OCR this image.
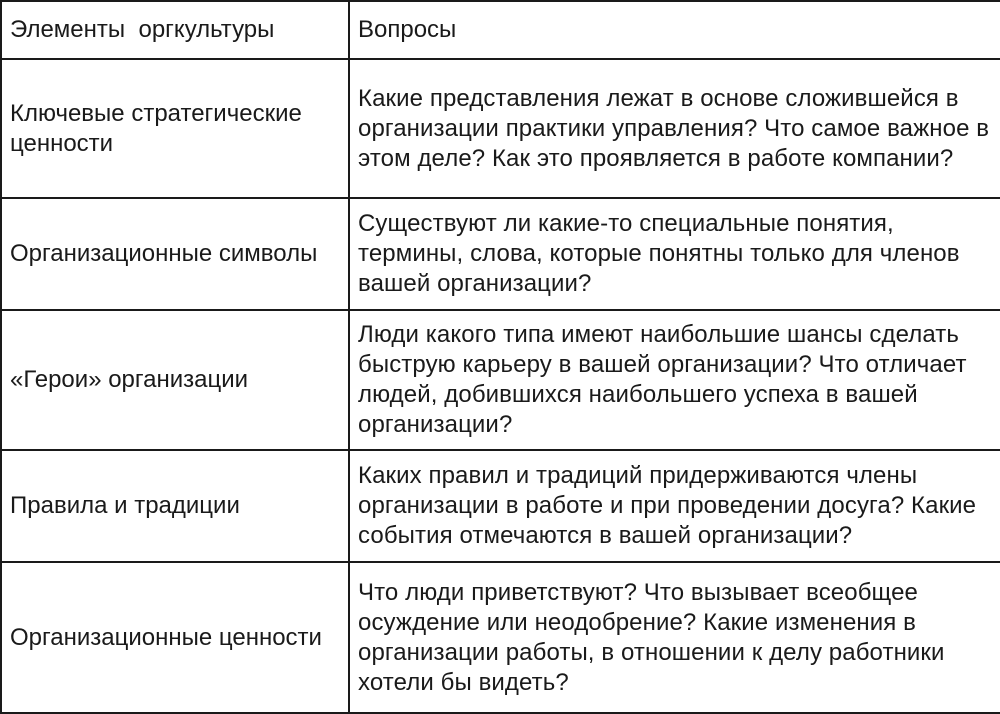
Элементы  оргкультуры	Вопросы

Ключевые стратегические ценности	Какие представления лежат в основе сложившейся в организации практики управления? Что самое важное в этом деле? Как это проявляется в работе компании?

Организационные символы	Существуют ли какие-то специальные понятия, термины, слова, которые понятны только для членов вашей организации?

«Герои» организации	Люди какого типа имеют наибольшие шансы сделать быструю карьеру в вашей организации? Что отличает людей, добившихся наибольшего успеха в вашей организации?

Правила и традиции	Каких правил и традиций придерживаются члены организации в работе и при проведении досуга? Какие события отмечаются в вашей организации?

Организационные ценности	Что люди приветствуют? Что вызывает всеобщее осуждение или неодобрение? Какие изменения в организации работы, в отношении к делу работники хотели бы видеть?
